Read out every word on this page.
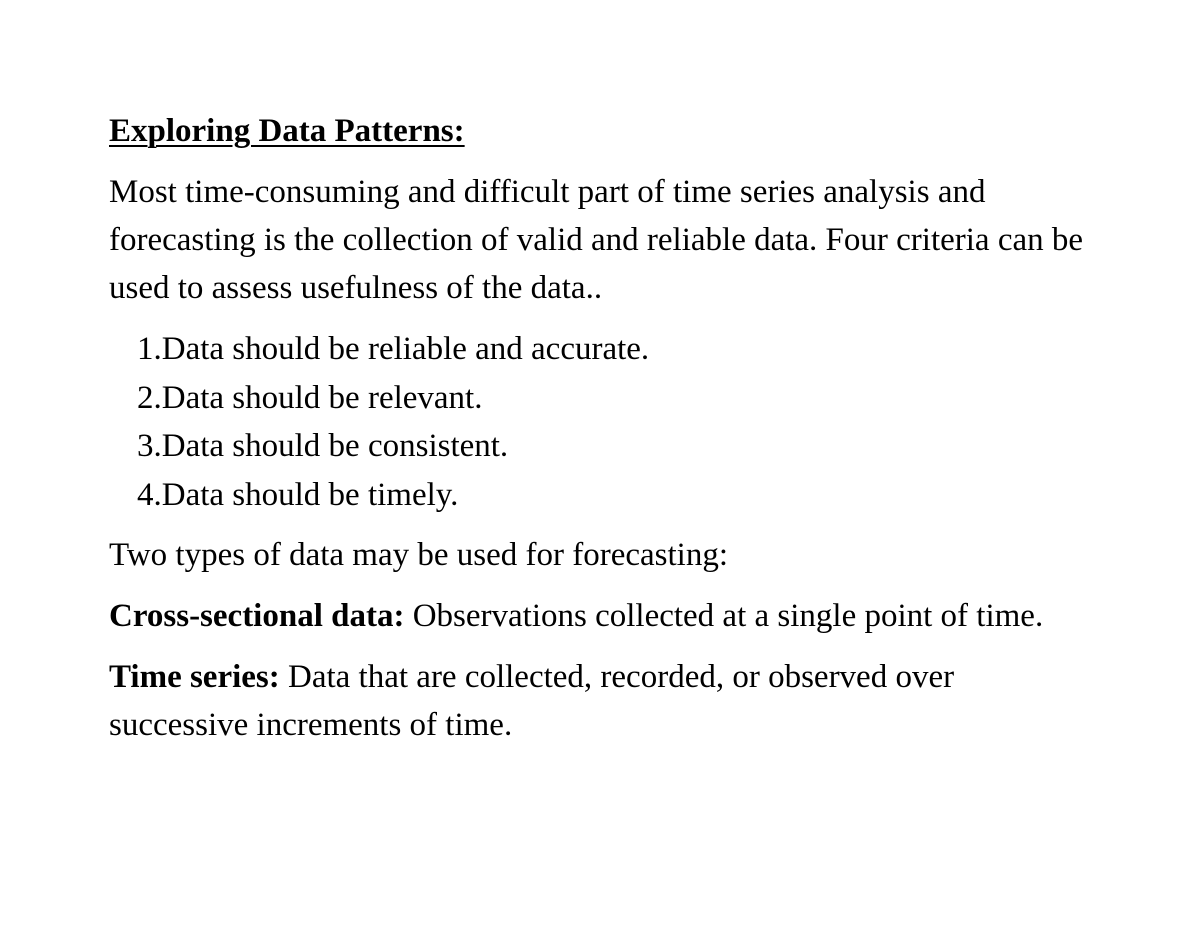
Exploring Data Patterns:

Most time-consuming and difficult part of time series analysis and forecasting is the collection of valid and reliable data. Four criteria can be used to assess usefulness of the data..

1.Data should be reliable and accurate.
2.Data should be relevant.
3.Data should be consistent.
4.Data should be timely.

Two types of data may be used for forecasting:

Cross-sectional data: Observations collected at a single point of time.

Time series: Data that are collected, recorded, or observed over successive increments of time.
